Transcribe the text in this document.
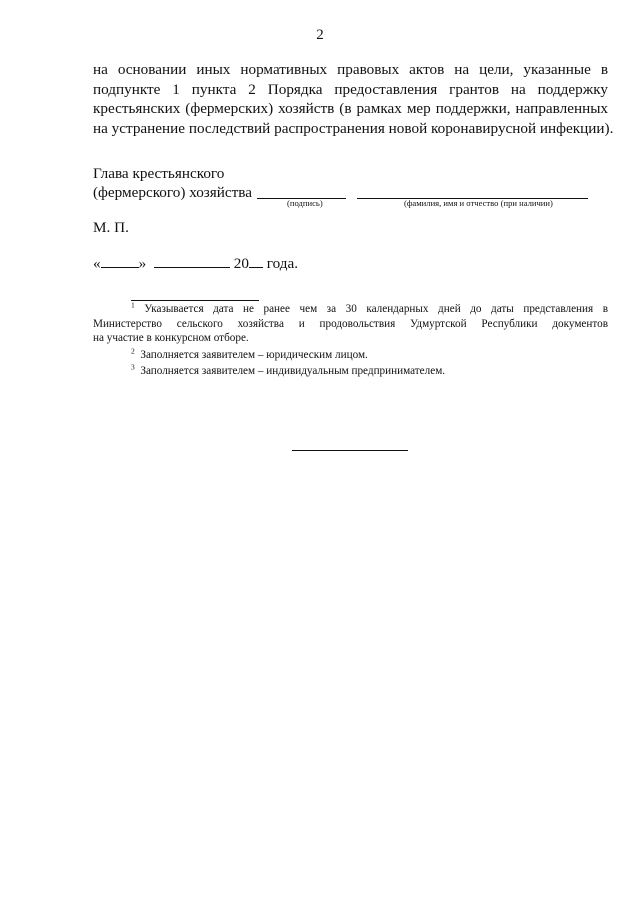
2
на основании иных нормативных правовых актов на цели, указанные в
подпункте 1 пункта 2 Порядка предоставления грантов на поддержку
крестьянских (фермерских) хозяйств (в рамках мер поддержки, направленных
на устранение последствий распространения новой коронавирусной инфекции).
Глава крестьянского
(фермерского) хозяйства
(подпись)	(фамилия, имя и отчество (при наличии)
М. П.
«	»	20 года.
$^1$ Указывается дата не ранее чем за 30 календарных дней до даты представления в
Министерство сельского хозяйства и продовольствия Удмуртской Республики документов
на участие в конкурсном отборе.
$^2$ Заполняется заявителем – юридическим лицом.
$^3$ Заполняется заявителем – индивидуальным предпринимателем.
